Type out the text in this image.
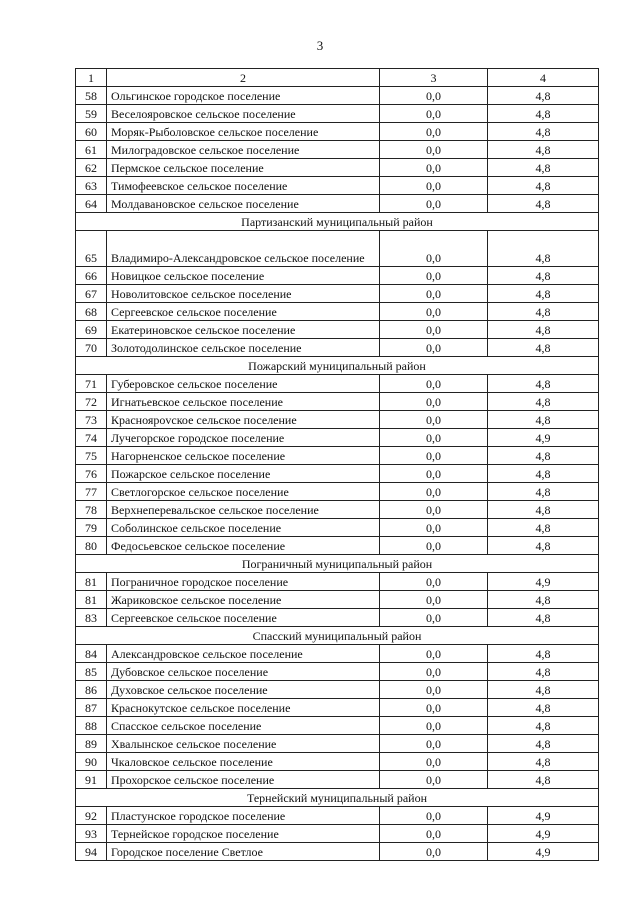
3
1	2	3	4
58	Ольгинское городское поселение	0,0	4,8
59	Веселояровское сельское поселение	0,0	4,8
60	Моряк-Рыболовское сельское поселение	0,0	4,8
61	Милоградовское сельское поселение	0,0	4,8
62	Пермское сельское поселение	0,0	4,8
63	Тимофеевское сельское поселение	0,0	4,8
64	Молдавановское сельское поселение	0,0	4,8
Партизанский муниципальный район			
65	Владимиро-Александровское сельское поселение	0,0	4,8
66	Новицкое сельское поселение	0,0	4,8
67	Новолитовское сельское поселение	0,0	4,8
68	Сергеевское сельское поселение	0,0	4,8
69	Екатериновское сельское поселение	0,0	4,8
70	Золотодолинское сельское поселение	0,0	4,8
Пожарский муниципальный район			
71	Губеровское сельское поселение	0,0	4,8
72	Игнатьевское сельское поселение	0,0	4,8
73	Красноярovское сельское поселение	0,0	4,8
74	Лучегорское городское поселение	0,0	4,9
75	Нагорненское сельское поселение	0,0	4,8
76	Пожарское сельское поселение	0,0	4,8
77	Светлогорское сельское поселение	0,0	4,8
78	Верхнеперевальское сельское поселение	0,0	4,8
79	Соболинское сельское поселение	0,0	4,8
80	Федосьевское сельское поселение	0,0	4,8
Пограничный муниципальный район			
81	Пограничное городское поселение	0,0	4,9
81	Жариковское сельское поселение	0,0	4,8
83	Сергеевское сельское поселение	0,0	4,8
Спасский муниципальный район			
84	Александровское сельское поселение	0,0	4,8
85	Дубовское сельское поселение	0,0	4,8
86	Духовское сельское поселение	0,0	4,8
87	Краснокутское сельское поселение	0,0	4,8
88	Спасское сельское поселение	0,0	4,8
89	Хвалынское сельское поселение	0,0	4,8
90	Чкаловское сельское поселение	0,0	4,8
91	Прохорское сельское поселение	0,0	4,8
Тернейский муниципальный район			
92	Пластунское городское поселение	0,0	4,9
93	Тернейское городское поселение	0,0	4,9
94	Городское поселение Светлое	0,0	4,9
